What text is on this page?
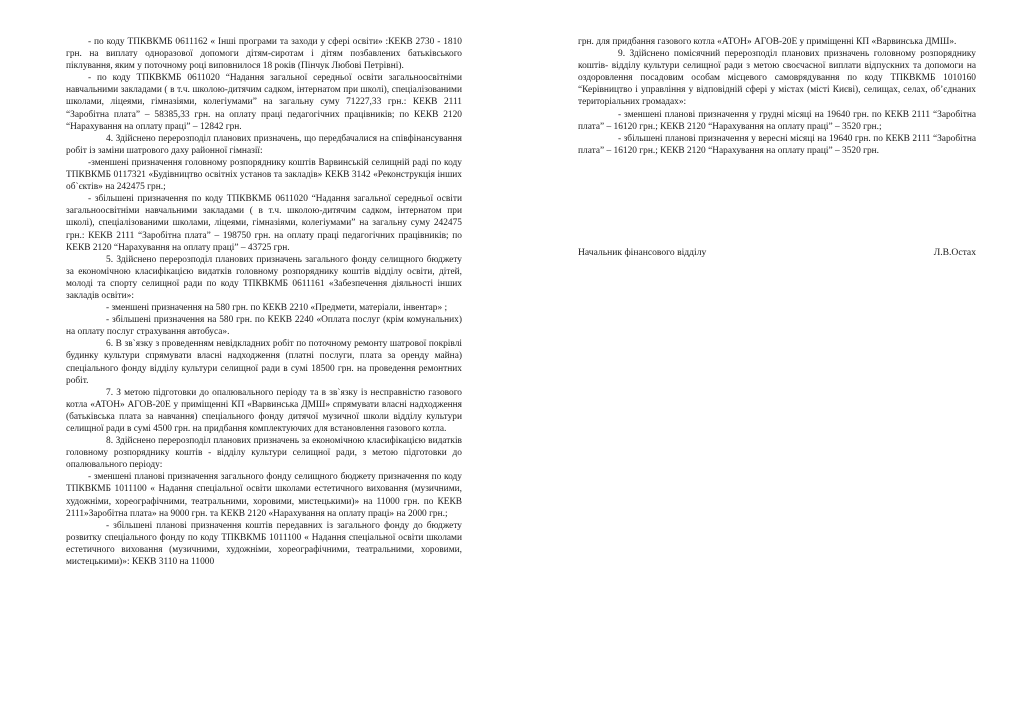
- по коду ТПКВКМБ 0611162 « Інші програми та заходи у сфері освіти» :КЕКВ 2730 - 1810 грн. на виплату одноразової допомоги дітям-сиротам і дітям позбавлених батьківського піклування, яким у поточному році виповнилося 18 років (Пінчук Любові Петрівні).

- по коду ТПКВКМБ 0611020 “Надання загальної середньої освіти загальноосвітніми навчальними закладами ( в т.ч. школою-дитячим садком, інтернатом при школі), спеціалізованими школами, ліцеями, гімназіями, колегіумами” на загальну суму 71227,33 грн.: КЕКВ 2111 “Заробітна плата” – 58385,33 грн. на оплату праці педагогічних працівників; по КЕКВ 2120 “Нарахування на оплату праці” – 12842 грн.

4. Здійснено перерозподіл планових призначень, що передбачалися на співфінансування робіт із заміни шатрового даху районної гімназії:

-зменшені призначення головному розпоряднику коштів Варвинській селищній раді по коду ТПКВКМБ 0117321 «Будівництво освітніх установ та закладів» КЕКВ 3142 «Реконструкція інших об`єктів» на 242475 грн.;

- збільшені призначення по коду ТПКВКМБ 0611020 “Надання загальної середньої освіти загальноосвітніми навчальними закладами ( в т.ч. школою-дитячим садком, інтернатом при школі), спеціалізованими школами, ліцеями, гімназіями, колегіумами” на загальну суму 242475 грн.: КЕКВ 2111 “Заробітна плата” – 198750 грн. на оплату праці педагогічних працівників; по КЕКВ 2120 “Нарахування на оплату праці” – 43725 грн.

5. Здійснено перерозподіл планових призначень загального фонду селищного бюджету за економічною класифікацією видатків головному розпоряднику коштів відділу освіти, дітей, молоді та спорту селищної ради по коду ТПКВКМБ 0611161 «Забезпечення діяльності інших закладів освіти»:

- зменшені призначення на 580 грн. по КЕКВ 2210 «Предмети, матеріали, інвентар» ;

- збільшені призначення на 580 грн. по КЕКВ 2240 «Оплата послуг (крім комунальних) на оплату послуг страхування автобуса».

6. В зв`язку з проведенням невідкладних робіт по поточному ремонту шатрової покрівлі будинку культури спрямувати власні надходження (платні послуги, плата за оренду майна) спеціального фонду відділу культури селищної ради в сумі 18500 грн. на проведення ремонтних робіт.

7. З метою підготовки до опалювального періоду та в зв`язку із несправністю газового котла «АТОН» АГОВ-20Е у приміщенні КП «Варвинська ДМШ» спрямувати власні надходження (батьківська плата за навчання) спеціального фонду дитячої музичної школи відділу культури селищної ради в сумі 4500 грн. на придбання комплектуючих для встановлення газового котла.

8. Здійснено перерозподіл планових призначень за економічною класифікацією видатків головному розпоряднику коштів - відділу культури селищної ради, з метою підготовки до опалювального періоду:

- зменшені планові призначення загального фонду селищного бюджету призначення по коду ТПКВКМБ 1011100 « Надання спеціальної освіти школами естетичного виховання (музичними, художніми, хореографічними, театральними, хоровими, мистецькими)» на 11000 грн. по КЕКВ 2111»Заробітна плата» на 9000 грн. та КЕКВ 2120 «Нарахування на оплату праці» на 2000 грн.;

- збільшені планові призначення коштів передавних із загального фонду до бюджету розвитку спеціального фонду по коду ТПКВКМБ 1011100 « Надання спеціальної освіти школами естетичного виховання (музичними, художніми, хореографічними, театральними, хоровими, мистецькими)»: КЕКВ 3110 на 11000

грн. для придбання газового котла «АТОН» АГОВ-20Е у приміщенні КП «Варвинська ДМШ».

9. Здійснено помісячний перерозподіл планових призначень головному розпоряднику коштів- відділу культури селищної ради з метою своєчасної виплати відпускних та допомоги на оздоровлення посадовим особам місцевого самоврядування по коду ТПКВКМБ 1010160 “Керівництво і управління у відповідній сфері у містах (місті Києві), селищах, селах, об’єднаних територіальних громадах»:

- зменшені планові призначення у грудні місяці на 19640 грн. по КЕКВ 2111 “Заробітна плата” – 16120 грн.; КЕКВ 2120 “Нарахування на оплату праці” – 3520 грн.;

- збільшені планові призначення у вересні місяці на 19640 грн. по КЕКВ 2111 “Заробітна плата” – 16120 грн.; КЕКВ 2120 “Нарахування на оплату праці” – 3520 грн.

Начальник фінансового відділу	Л.В.Остах
